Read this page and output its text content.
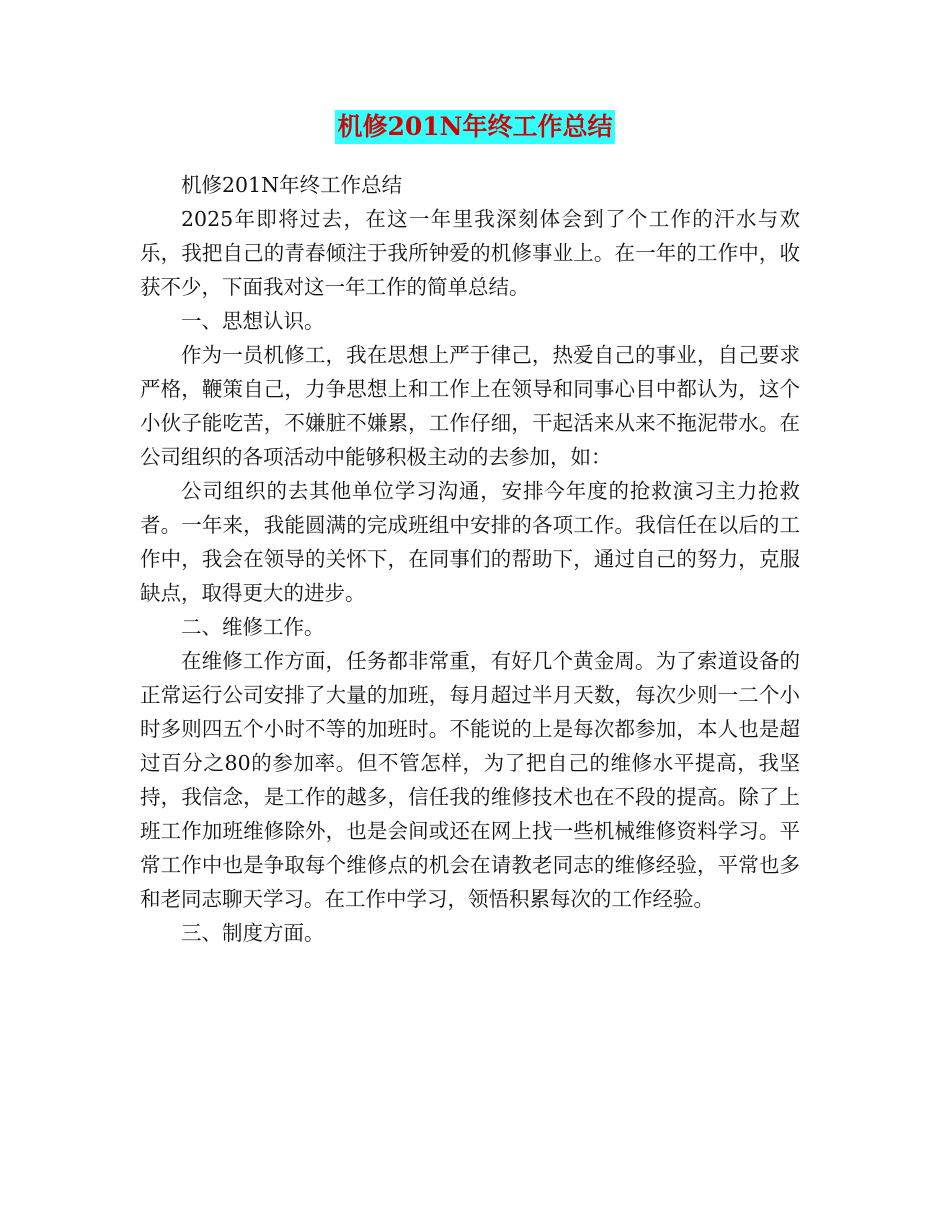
机修201N年终工作总结

机修201N年终工作总结

2025年即将过去，在这一年里我深刻体会到了个工作的汗水与欢乐，我把自己的青春倾注于我所钟爱的机修事业上。在一年的工作中，收获不少，下面我对这一年工作的简单总结。

一、思想认识。

作为一员机修工，我在思想上严于律己，热爱自己的事业，自己要求严格，鞭策自己，力争思想上和工作上在领导和同事心目中都认为，这个小伙子能吃苦，不嫌脏不嫌累，工作仔细，干起活来从来不拖泥带水。在公司组织的各项活动中能够积极主动的去参加，如：

公司组织的去其他单位学习沟通，安排今年度的抢救演习主力抢救者。一年来，我能圆满的完成班组中安排的各项工作。我信任在以后的工作中，我会在领导的关怀下，在同事们的帮助下，通过自己的努力，克服缺点，取得更大的进步。

二、维修工作。

在维修工作方面，任务都非常重，有好几个黄金周。为了索道设备的正常运行公司安排了大量的加班，每月超过半月天数，每次少则一二个小时多则四五个小时不等的加班时。不能说的上是每次都参加，本人也是超过百分之80的参加率。但不管怎样，为了把自己的维修水平提高，我坚持，我信念，是工作的越多，信任我的维修技术也在不段的提高。除了上班工作加班维修除外，也是会间或还在网上找一些机械维修资料学习。平常工作中也是争取每个维修点的机会在请教老同志的维修经验，平常也多和老同志聊天学习。在工作中学习，领悟积累每次的工作经验。

三、制度方面。
